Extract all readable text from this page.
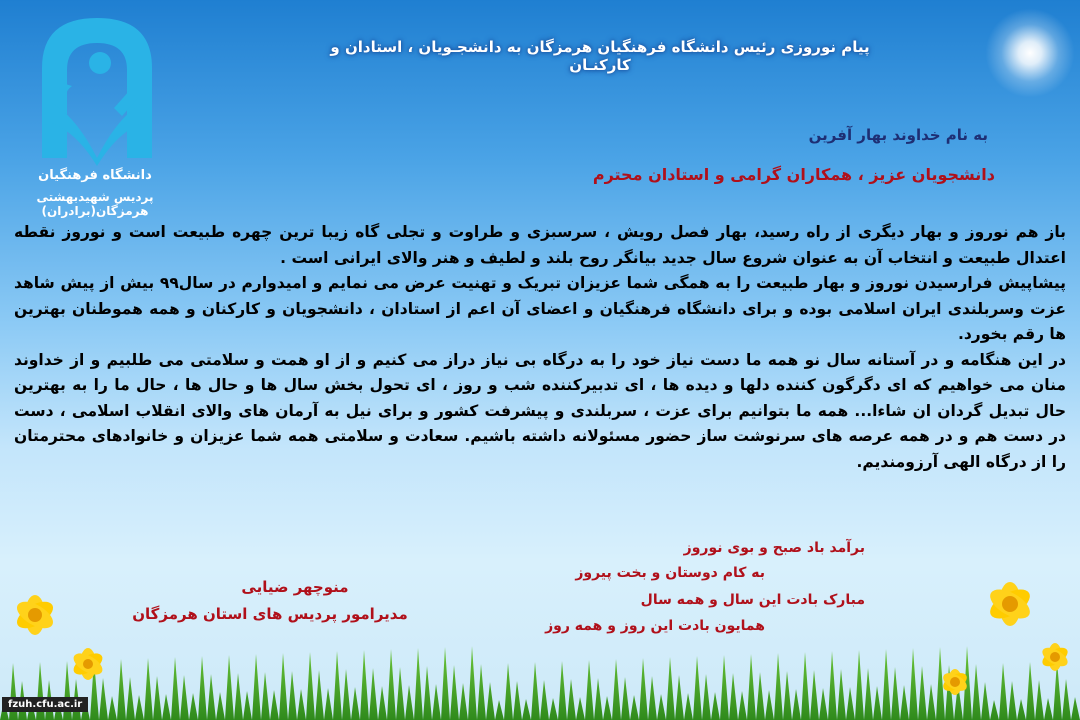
دانشگاه فرهنگیان
پردیس شهیدبهشتی هرمزگان(برادران)
پیام نوروزی رئیس دانشگاه فرهنگیان هرمزگان به دانشجـویان ، استادان و کارکنـان
به نام خداوند بهار آفرین
دانشجویان عزیز ، همکاران گرامی و استادان محترم

باز هم نوروز و بهار دیگری از راه رسید، بهار فصل رویش ، سرسبزی و طراوت و تجلی گاه زیبا ترین چهره طبیعت است و نوروز نقطه اعتدال طبیعت و انتخاب آن به عنوان شروع سال جدید بیانگر روح بلند و لطیف و هنر والای ایرانی است .

پیشاپیش فرارسیدن نوروز و بهار طبیعت را به همگی شما عزیزان تبریک و تهنیت عرض می نمایم و امیدوارم در سال۹۹ بیش از پیش شاهد عزت وسربلندی ایران اسلامی بوده و برای دانشگاه فرهنگیان و اعضای آن اعم از استادان ، دانشجویان و کارکنان و همه هموطنان بهترین ها رقم بخورد.

در این هنگامه و در آستانه سال نو همه ما دست نیاز خود را به درگاه بی نیاز دراز می کنیم و از او همت و سلامتی می طلبیم و از خداوند منان می خواهیم که ای دگرگون کننده دلها و دیده ها ، ای تدبیرکننده شب و روز ، ای تحول بخش سال ها و حال ها ، حال ما را به بهترین حال تبدیل گردان ان شاءا... همه ما بتوانیم برای عزت ، سربلندی و پیشرفت کشور و برای نیل به آرمان های والای انقلاب اسلامی ، دست در دست هم و در همه عرصه های سرنوشت ساز حضور مسئولانه داشته باشیم. سعادت و سلامتی همه شما عزیزان و خانوادهای محترمتان را از درگاه الهی آرزومندیم.

برآمد باد صبح و بوی نوروز
به کام دوستان و بخت پیروز
مبارک بادت این سال و همه سال
همایون بادت این روز و همه روز
منوچهر ضیایی
مدیرامور پردیس های استان هرمزگان
fzuh.cfu.ac.ir
